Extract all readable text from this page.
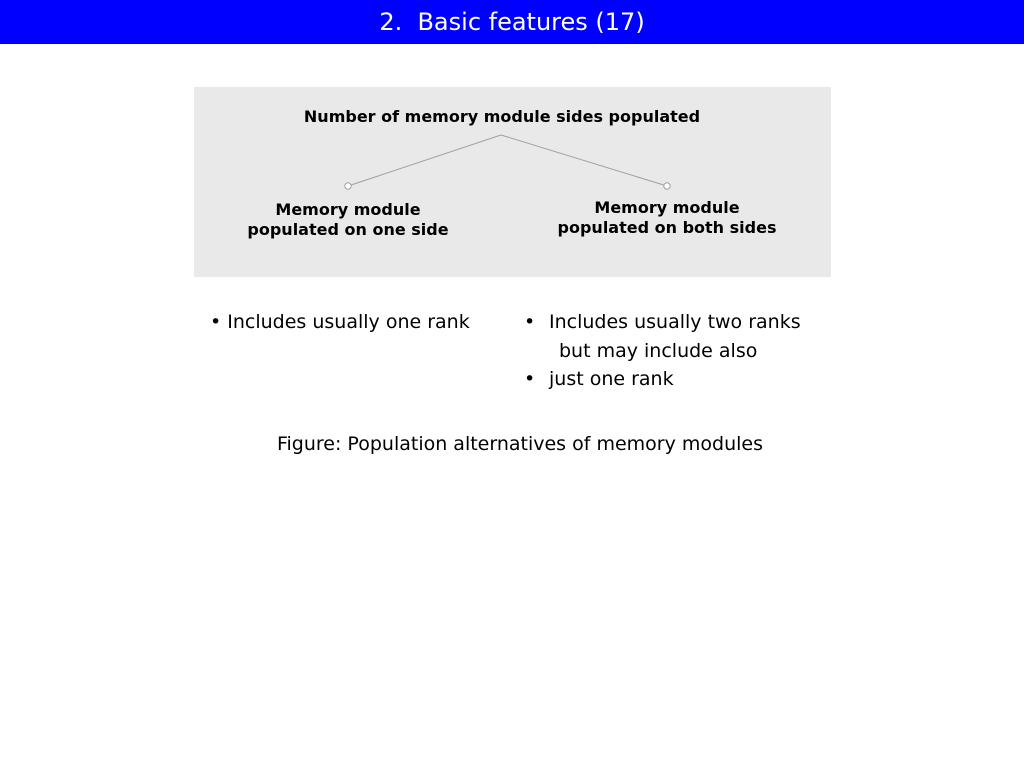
2.  Basic features (17)
Number of memory module sides populated
Memory module
populated on one side
Memory module
populated on both sides
• Includes usually one rank	• Includes usually two ranks
but may include also
• just one rank
Figure: Population alternatives of memory modules
